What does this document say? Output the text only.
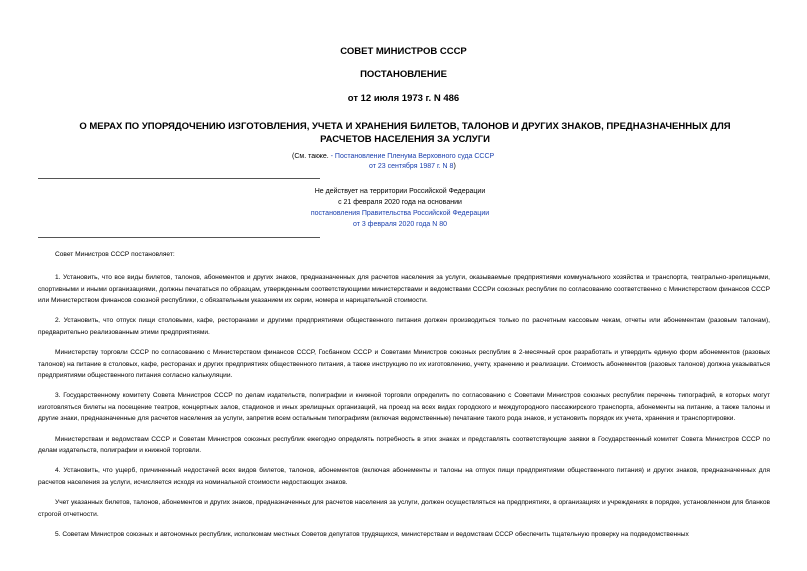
СОВЕТ МИНИСТРОВ СССР
ПОСТАНОВЛЕНИЕ
от 12 июля 1973 г. N 486
О МЕРАХ ПО УПОРЯДОЧЕНИЮ ИЗГОТОВЛЕНИЯ, УЧЕТА И ХРАНЕНИЯ БИЛЕТОВ, ТАЛОНОВ И ДРУГИХ ЗНАКОВ, ПРЕДНАЗНАЧЕННЫХ ДЛЯ РАСЧЕТОВ НАСЕЛЕНИЯ ЗА УСЛУГИ
(См. также. - Постановление Пленума Верховного суда СССР
от 23 сентября 1987 г. N 8)
Не действует на территории Российской Федерации
с 21 февраля 2020 года на основании
постановления Правительства Российской Федерации
от 3 февраля 2020 года N 80

Совет Министров СССР постановляет:

1. Установить, что все виды билетов, талонов, абонементов и других знаков, предназначенных для расчетов населения за услуги, оказываемые предприятиями коммунального хозяйства и транспорта, театрально-зрелищными, спортивными и иными организациями, должны печататься по образцам, утвержденным соответствующими министерствами и ведомствами СССРи союзных республик по согласованию соответственно с Министерством финансов СССР или Министерством финансов союзной республики, с обязательным указанием их серии, номера и нарицательной стоимости.

2. Установить, что отпуск пищи столовыми, кафе, ресторанами и другими предприятиями общественного питания должен производиться только по расчетным кассовым чекам, отчеты или абонементам (разовым талонам), предварительно реализованным этими предприятиями.

Министерству торговли СССР по согласованию с Министерством финансов СССР, Госбанком СССР и Советами Министров союзных республик в 2-месячный срок разработать и утвердить единую форм абонементов (разовых талонов) на питание в столовых, кафе, ресторанах и других предприятиях общественного питания, а также инструкцию по их изготовлению, учету, хранению и реализации. Стоимость абонементов (разовых талонов) должна указываться предприятиями общественного питания согласно калькуляции.

3. Государственному комитету Совета Министров СССР по делам издательств, полиграфии и книжной торговли определить по согласованию с Советами Министров союзных республик перечень типографий, в которых могут изготовляться билеты на посещение театров, концертных залов, стадионов и иных зрелищных организаций, на проезд на всех видах городского и междугородного пассажирского транспорта, абонементы на питание, а также талоны и другие знаки, предназначенные для расчетов населения за услуги, запретив всем остальным типографиям (включая ведомственные) печатание такого рода знаков, и установить порядок их учета, хранения и транспортировки.

Министерствам и ведомствам СССР и Советам Министров союзных республик ежегодно определять потребность в этих знаках и представлять соответствующие заявки в Государственный комитет Совета Министров СССР по делам издательств, полиграфии и книжной торговли.

4. Установить, что ущерб, причиненный недостачей всех видов билетов, талонов, абонементов (включая абонементы и талоны на отпуск пищи предприятиями общественного питания) и других знаков, предназначенных для расчетов населения за услуги, исчисляется исходя из номинальной стоимости недостающих знаков.

Учет указанных билетов, талонов, абонементов и других знаков, предназначенных для расчетов населения за услуги, должен осуществляться на предприятиях, в организациях и учреждениях в порядке, установленном для бланков строгой отчетности.

5. Советам Министров союзных и автономных республик, исполкомам местных Советов депутатов трудящихся, министерствам и ведомствам СССР обеспечить тщательную проверку на подведомственных
